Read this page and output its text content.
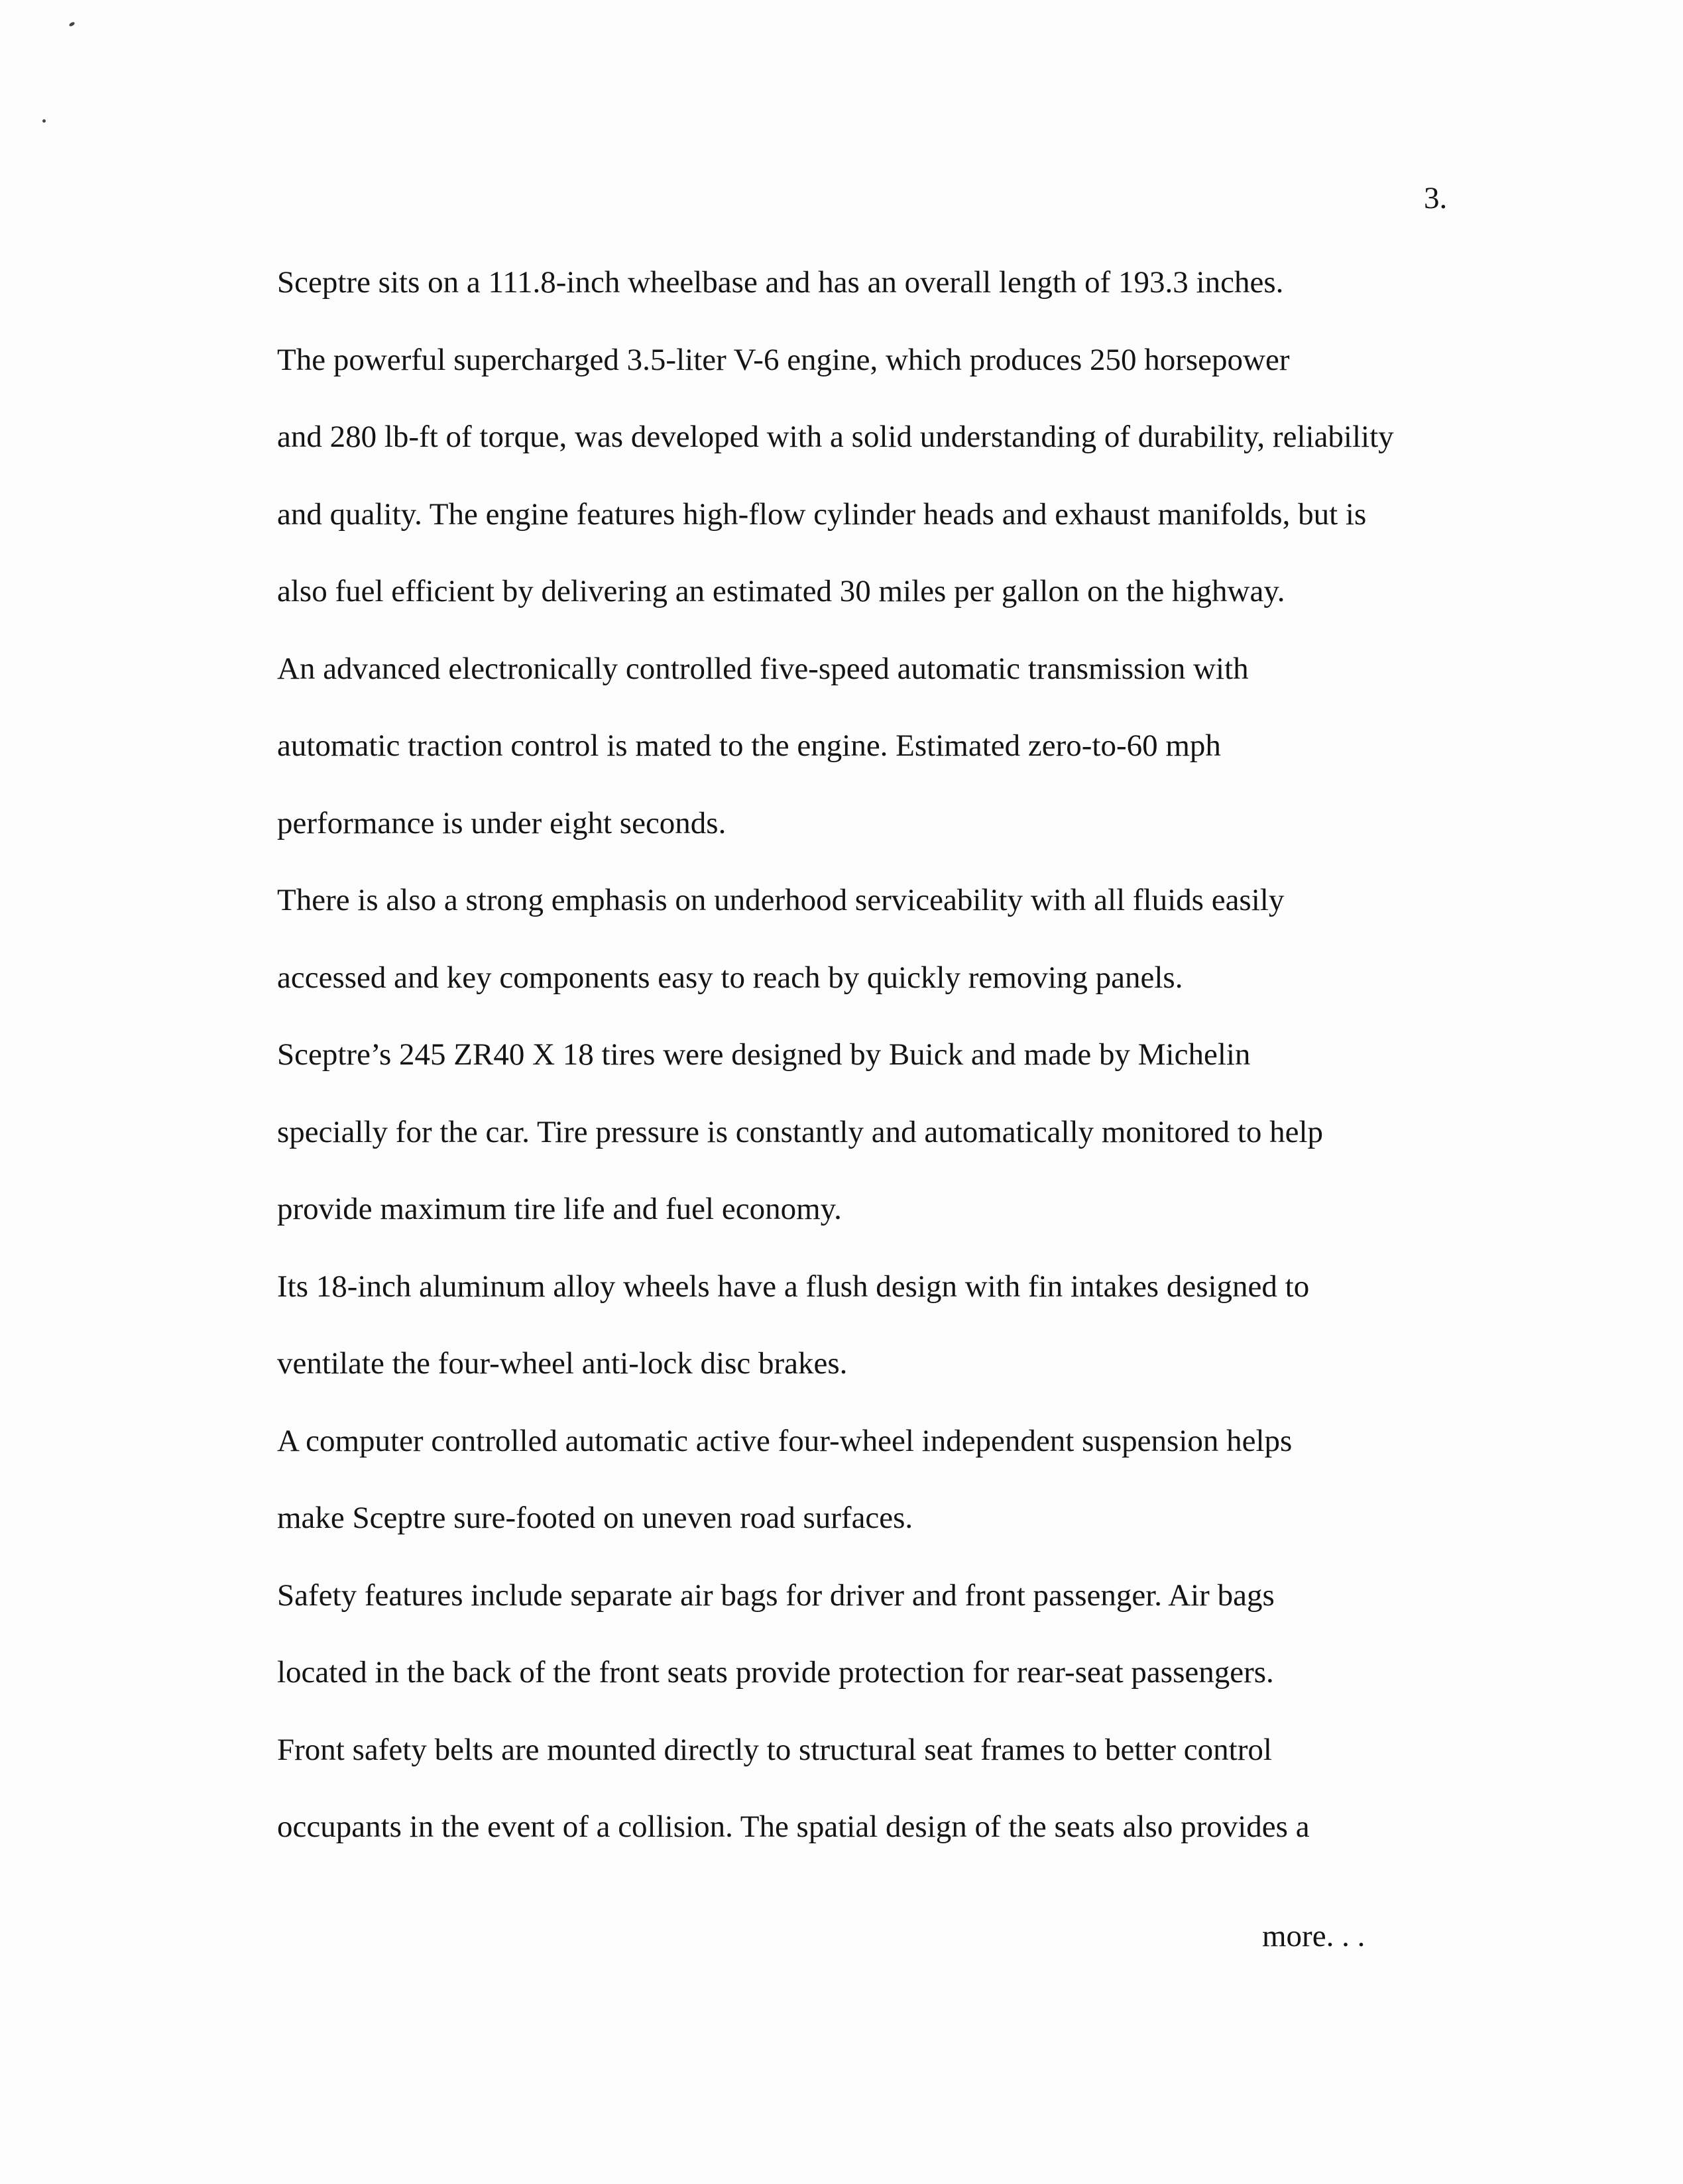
3.

Sceptre sits on a 111.8-inch wheelbase and has an overall length of 193.3 inches.

The powerful supercharged 3.5-liter V-6 engine, which produces 250 horsepower
and 280 lb-ft of torque, was developed with a solid understanding of durability, reliability
and quality. The engine features high-flow cylinder heads and exhaust manifolds, but is
also fuel efficient by delivering an estimated 30 miles per gallon on the highway.

An advanced electronically controlled five-speed automatic transmission with
automatic traction control is mated to the engine. Estimated zero-to-60 mph
performance is under eight seconds.

There is also a strong emphasis on underhood serviceability with all fluids easily
accessed and key components easy to reach by quickly removing panels.

Sceptre’s 245 ZR40 X 18 tires were designed by Buick and made by Michelin
specially for the car. Tire pressure is constantly and automatically monitored to help
provide maximum tire life and fuel economy.

Its 18-inch aluminum alloy wheels have a flush design with fin intakes designed to
ventilate the four-wheel anti-lock disc brakes.

A computer controlled automatic active four-wheel independent suspension helps
make Sceptre sure-footed on uneven road surfaces.

Safety features include separate air bags for driver and front passenger. Air bags
located in the back of the front seats provide protection for rear-seat passengers.

Front safety belts are mounted directly to structural seat frames to better control
occupants in the event of a collision. The spatial design of the seats also provides a

more. . .
